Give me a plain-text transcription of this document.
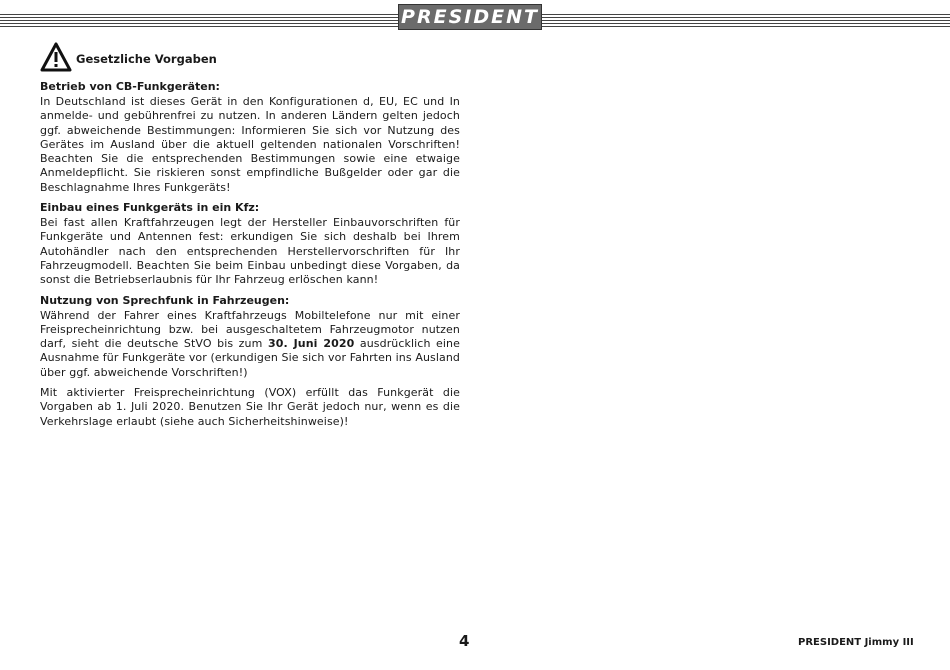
PRESIDENT
Gesetzliche Vorgaben
Betrieb von CB-Funkgeräten:

In Deutschland ist dieses Gerät in den Konfigurationen d, EU, EC und In anmelde- und gebührenfrei zu nutzen. In anderen Ländern gelten jedoch ggf. abweichende Bestimmungen: Informieren Sie sich vor Nutzung des Gerätes im Ausland über die aktuell geltenden nationalen Vorschriften! Beachten Sie die entsprechenden Bestimmungen sowie eine etwaige Anmeldepflicht. Sie riskieren sonst empfindliche Bußgelder oder gar die Beschlagnahme Ihres Funkgeräts!

Einbau eines Funkgeräts in ein Kfz:

Bei fast allen Kraftfahrzeugen legt der Hersteller Einbauvorschriften für Funkgeräte und Antennen fest: erkundigen Sie sich deshalb bei Ihrem Autohändler nach den entsprechenden Herstellervorschriften für Ihr Fahrzeugmodell. Beachten Sie beim Einbau unbedingt diese Vorgaben, da sonst die Betriebserlaubnis für Ihr Fahrzeug erlöschen kann!

Nutzung von Sprechfunk in Fahrzeugen:

Während der Fahrer eines Kraftfahrzeugs Mobiltelefone nur mit einer Freisprecheinrichtung bzw. bei ausgeschaltetem Fahrzeugmotor nutzen darf, sieht die deutsche StVO bis zum 30. Juni 2020 ausdrücklich eine Ausnahme für Funkgeräte vor (erkundigen Sie sich vor Fahrten ins Ausland über ggf. abweichende Vorschriften!)

Mit aktivierter Freisprecheinrichtung (VOX) erfüllt das Funkgerät die Vorgaben ab 1. Juli 2020. Benutzen Sie Ihr Gerät jedoch nur, wenn es die Verkehrslage erlaubt (siehe auch Sicherheitshinweise)!

4	PRESIDENT Jimmy III
